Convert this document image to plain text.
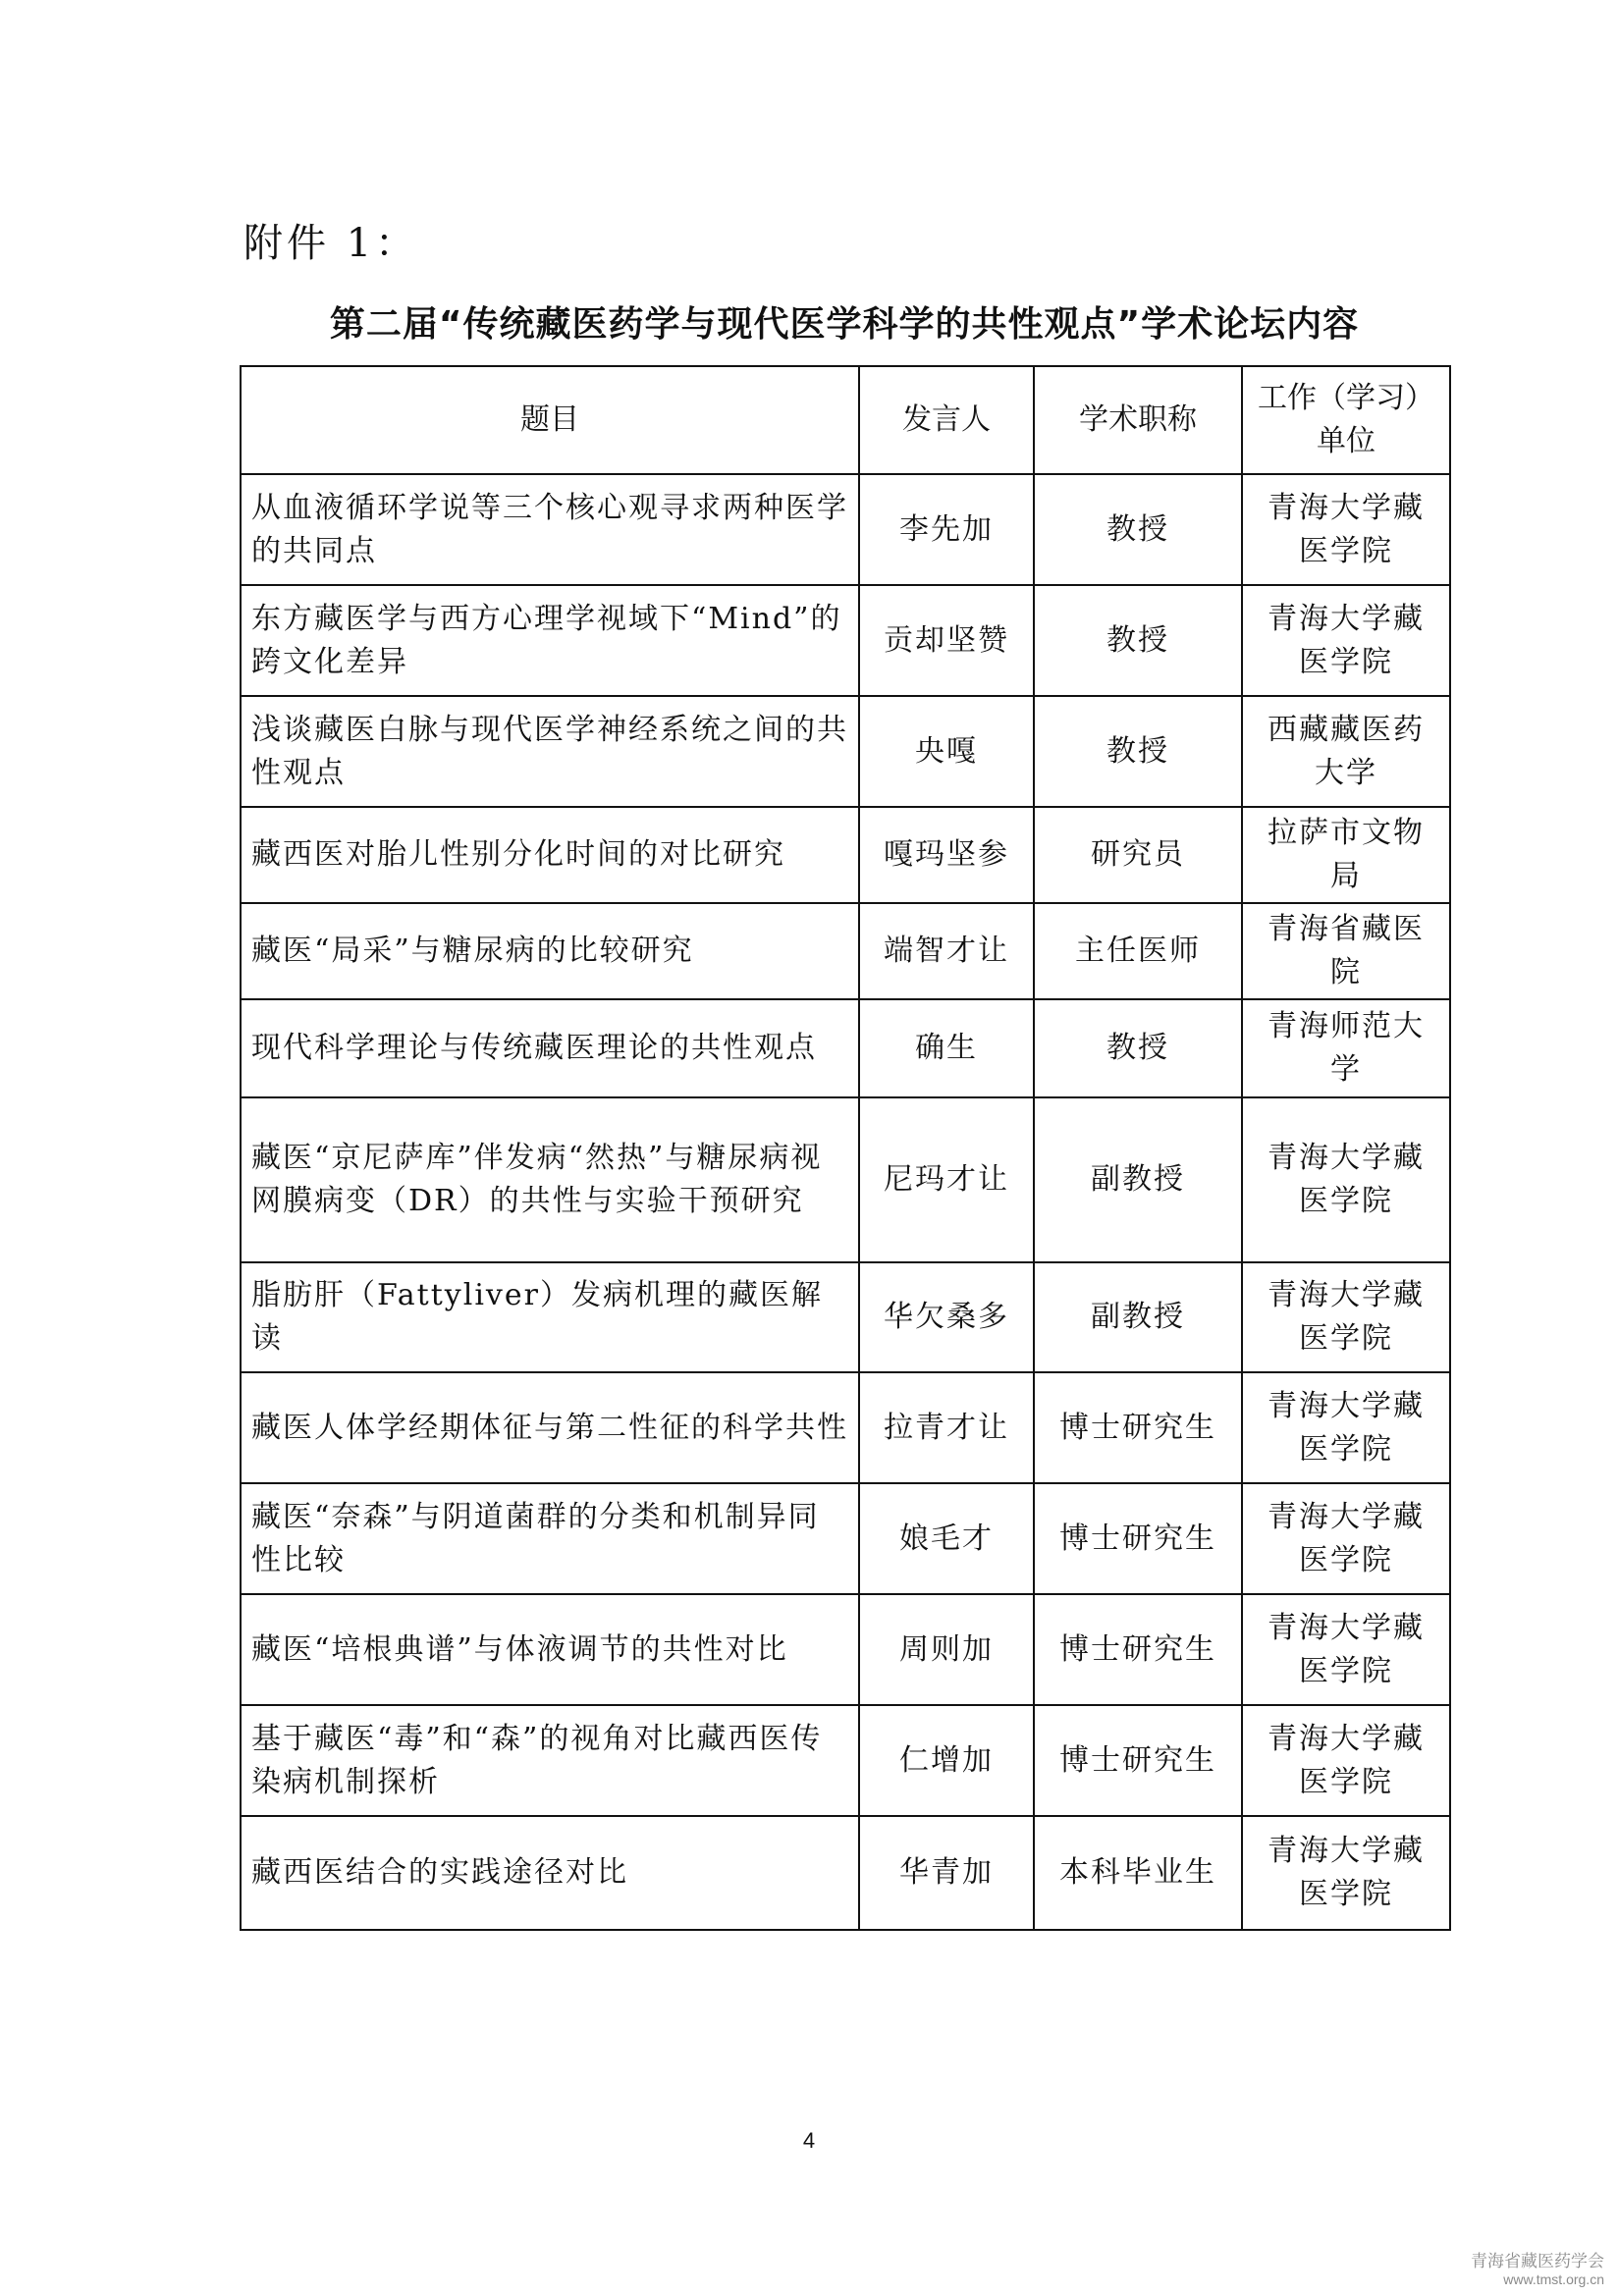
附件 1：
第二届“传统藏医药学与现代医学科学的共性观点”学术论坛内容
题目	发言人	学术职称	工作（学习）单位
从血液循环学说等三个核心观寻求两种医学的共同点	李先加	教授	青海大学藏医学院
东方藏医学与西方心理学视域下“Mind”的跨文化差异	贡却坚赞	教授	青海大学藏医学院
浅谈藏医白脉与现代医学神经系统之间的共性观点	央嘎	教授	西藏藏医药大学
藏西医对胎儿性别分化时间的对比研究	嘎玛坚参	研究员	拉萨市文物局
藏医“局采”与糖尿病的比较研究	端智才让	主任医师	青海省藏医院
现代科学理论与传统藏医理论的共性观点	确生	教授	青海师范大学
藏医“京尼萨库”伴发病“然热”与糖尿病视网膜病变（DR）的共性与实验干预研究	尼玛才让	副教授	青海大学藏医学院
脂肪肝（Fattyliver）发病机理的藏医解读	华欠桑多	副教授	青海大学藏医学院
藏医人体学经期体征与第二性征的科学共性	拉青才让	博士研究生	青海大学藏医学院
藏医“奈森”与阴道菌群的分类和机制异同性比较	娘毛才	博士研究生	青海大学藏医学院
藏医“培根典谱”与体液调节的共性对比	周则加	博士研究生	青海大学藏医学院
基于藏医“毒”和“森”的视角对比藏西医传染病机制探析	仁增加	博士研究生	青海大学藏医学院
藏西医结合的实践途径对比	华青加	本科毕业生	青海大学藏医学院
4
青海省藏医药学会
www.tmst.org.cn
